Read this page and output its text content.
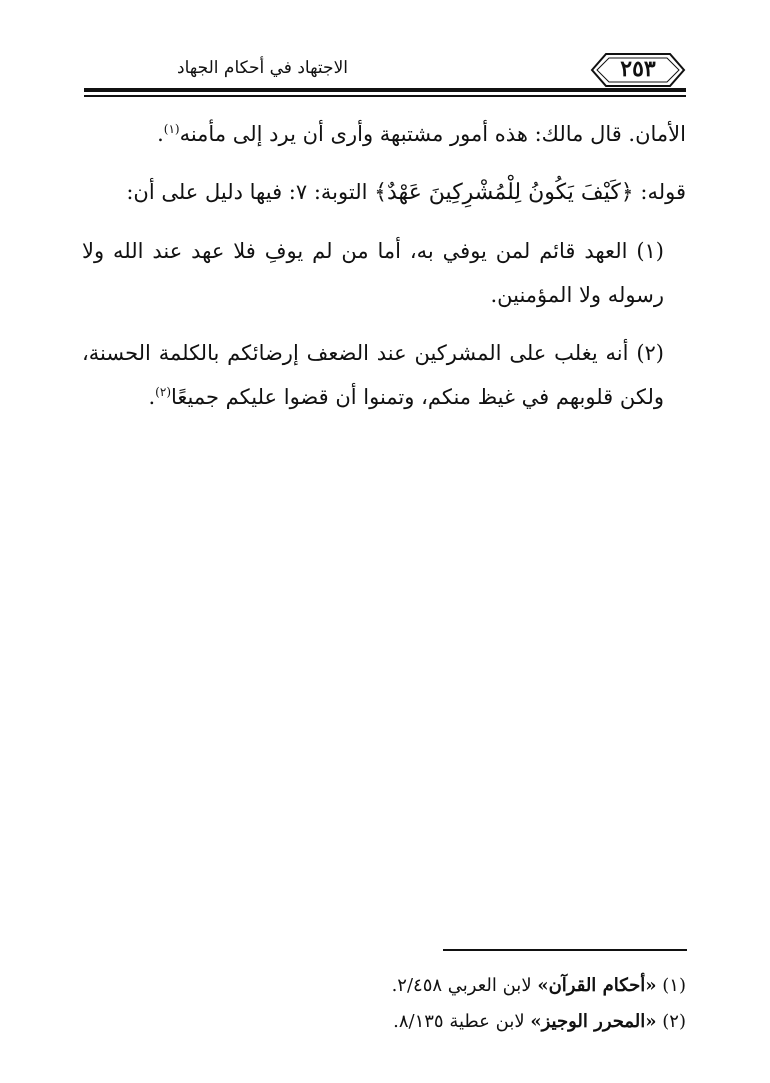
الاجتهاد في أحكام الجهاد	٢٥٣

الأمان. قال مالك: هذه أمور مشتبهة وأرى أن يرد إلى مأمنه$^{(١)}$.

قوله: ﴿كَيْفَ يَكُونُ لِلْمُشْرِكِينَ عَهْدٌ﴾ التوبة: ٧: فيها دليل على أن:

(١) العهد قائم لمن يوفي به، أما من لم يوفِ فلا عهد عند الله ولا رسوله ولا المؤمنين.

(٢) أنه يغلب على المشركين عند الضعف إرضائكم بالكلمة الحسنة، ولكن قلوبهم في غيظ منكم، وتمنوا أن قضوا عليكم جميعًا$^{(٢)}$.

(١) «أحكام القرآن» لابن العربي ٢/٤٥٨.

(٢) «المحرر الوجيز» لابن عطية ٨/١٣٥.
